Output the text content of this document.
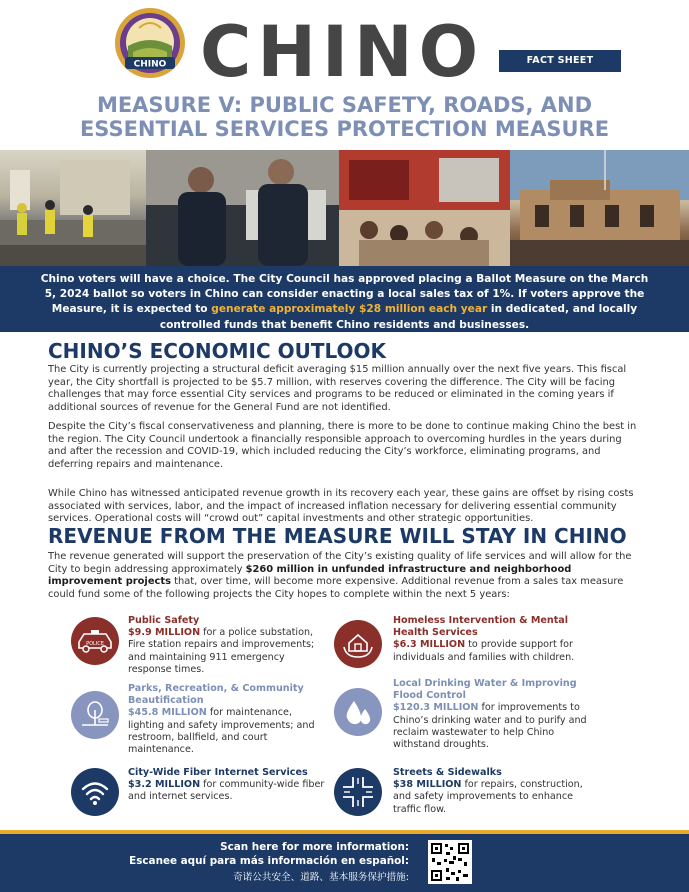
CHINO CHINO	FACT SHEET
MEASURE V: PUBLIC SAFETY, ROADS, AND
ESSENTIAL SERVICES PROTECTION MEASURE
Chino voters will have a choice. The City Council has approved placing a Ballot Measure on the March 5, 2024 ballot so voters in Chino can consider enacting a local sales tax of 1%. If voters approve the Measure, it is expected to generate approximately $28 million each year in dedicated, and locally controlled funds that benefit Chino residents and businesses.
CHINO’S ECONOMIC OUTLOOK
The City is currently projecting a structural deficit averaging $15 million annually over the next five years. This fiscal year, the City shortfall is projected to be $5.7 million, with reserves covering the difference. The City will be facing challenges that may force essential City services and programs to be reduced or eliminated in the coming years if additional sources of revenue for the General Fund are not identified.
Despite the City’s fiscal conservativeness and planning, there is more to be done to continue making Chino the best in the region. The City Council undertook a financially responsible approach to overcoming hurdles in the years during and after the recession and COVID-19, which included reducing the City’s workforce, eliminating programs, and deferring repairs and maintenance.
While Chino has witnessed anticipated revenue growth in its recovery each year, these gains are offset by rising costs associated with services, labor, and the impact of increased inflation necessary for delivering essential community services. Operational costs will “crowd out” capital investments and other strategic opportunities.
REVENUE FROM THE MEASURE WILL STAY IN CHINO
The revenue generated will support the preservation of the City’s existing quality of life services and will allow for the City to begin addressing approximately $260 million in unfunded infrastructure and neighborhood improvement projects that, over time, will become more expensive. Additional revenue from a sales tax measure could fund some of the following projects the City hopes to complete within the next 5 years:
POLICE
Public Safety
$9.9 MILLION for a police substation, Fire station repairs and improvements; and maintaining 911 emergency response times.
Homeless Intervention & Mental Health Services
$6.3 MILLION to provide support for individuals and families with children.
Parks, Recreation, & Community Beautification
$45.8 MILLION for maintenance, lighting and safety improvements; and restroom, ballfield, and court maintenance.
Local Drinking Water & Improving Flood Control
$120.3 MILLION for improvements to Chino’s drinking water and to purify and reclaim wastewater to help Chino withstand droughts.
City-Wide Fiber Internet Services
$3.2 MILLION for community-wide fiber and internet services.
Streets & Sidewalks
$38 MILLION for repairs, construction, and safety improvements to enhance traffic flow.
Scan here for more information:
Escanee aquí para más información en español:
奇诺公共安全、道路、基本服务保护措施:
